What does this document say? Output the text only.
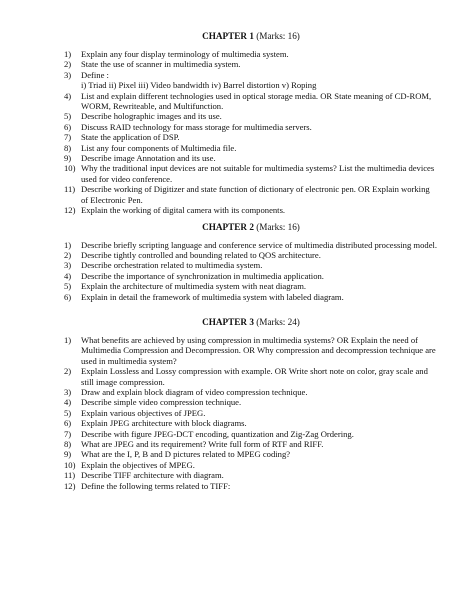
CHAPTER 1 (Marks: 16)
1)	Explain any four display terminology of multimedia system.
2)	State the use of scanner in multimedia system.
3)	Define :
i) Triad ii) Pixel iii) Video bandwidth iv) Barrel distortion v) Roping
4)	List and explain different technologies used in optical storage media. OR State meaning of CD-ROM, WORM, Rewriteable, and Multifunction.
5)	Describe holographic images and its use.
6)	Discuss RAID technology for mass storage for multimedia servers.
7)	State the application of DSP.
8)	List any four components of Multimedia file.
9)	Describe image Annotation and its use.
10) Why the traditional input devices are not suitable for multimedia systems? List the multimedia devices used for video conference.
11) Describe working of Digitizer and state function of dictionary of electronic pen. OR Explain working of Electronic Pen.
12) Explain the working of digital camera with its components.
CHAPTER 2 (Marks: 16)
1)	Describe briefly scripting language and conference service of multimedia distributed processing model.
2)	Describe tightly controlled and bounding related to QOS architecture.
3)	Describe orchestration related to multimedia system.
4)	Describe the importance of synchronization in multimedia application.
5)	Explain the architecture of multimedia system with neat diagram.
6)	Explain in detail the framework of multimedia system with labeled diagram.
CHAPTER 3 (Marks: 24)
1)	What benefits are achieved by using compression in multimedia systems? OR Explain the need of Multimedia Compression and Decompression. OR Why compression and decompression technique are used in multimedia system?
2)	Explain Lossless and Lossy compression with example. OR Write short note on color, gray scale and still image compression.
3)	Draw and explain block diagram of video compression technique.
4)	Describe simple video compression technique.
5)	Explain various objectives of JPEG.
6)	Explain JPEG architecture with block diagrams.
7)	Describe with figure JPEG-DCT encoding, quantization and Zig-Zag Ordering.
8)	What are JPEG and its requirement? Write full form of RTF and RIFF.
9)	What are the I, P, B and D pictures related to MPEG coding?
10) Explain the objectives of MPEG.
11) Describe TIFF architecture with diagram.
12) Define the following terms related to TIFF:
